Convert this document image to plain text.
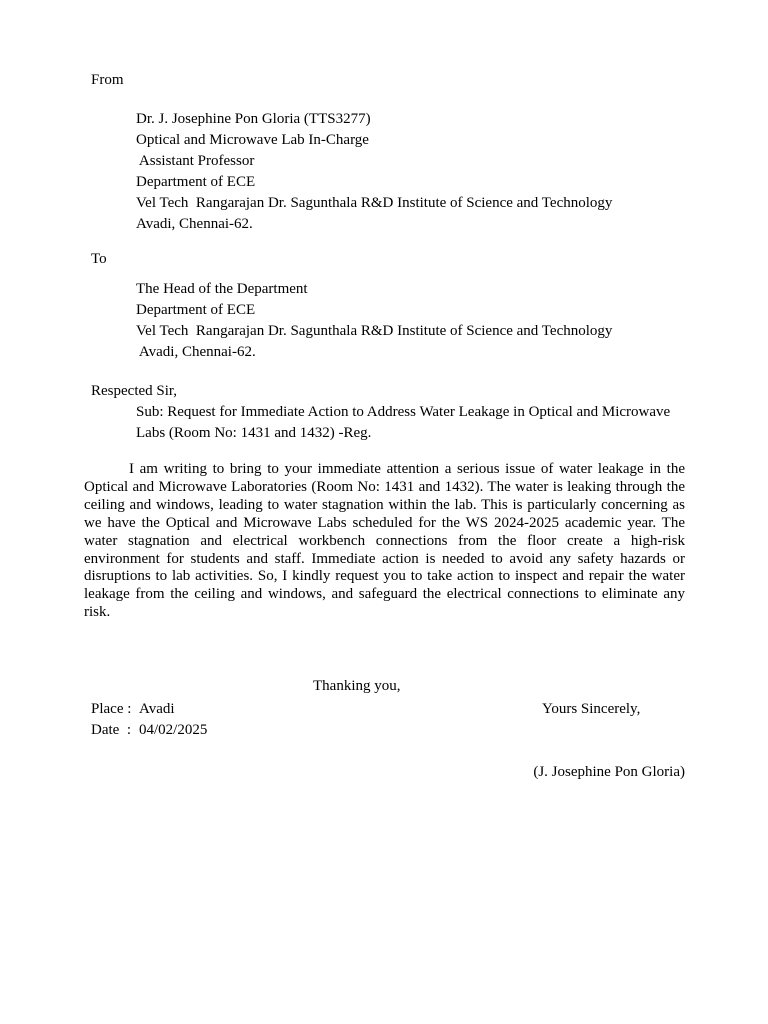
From
Dr. J. Josephine Pon Gloria (TTS3277)
Optical and Microwave Lab In-Charge
Assistant Professor
Department of ECE
Vel Tech  Rangarajan Dr. Sagunthala R&D Institute of Science and Technology
Avadi, Chennai-62.
To
The Head of the Department
Department of ECE
Vel Tech  Rangarajan Dr. Sagunthala R&D Institute of Science and Technology
Avadi, Chennai-62.
Respected Sir,
Sub: Request for Immediate Action to Address Water Leakage in Optical and Microwave
Labs (Room No: 1431 and 1432) -Reg.
I am writing to bring to your immediate attention a serious issue of water leakage in the Optical and Microwave Laboratories (Room No: 1431 and 1432). The water is leaking through the ceiling and windows, leading to water stagnation within the lab. This is particularly concerning as we have the Optical and Microwave Labs scheduled for the WS 2024-2025 academic year. The water stagnation and electrical workbench connections from the floor create a high-risk environment for students and staff. Immediate action is needed to avoid any safety hazards or disruptions to lab activities. So, I kindly request you to take action to inspect and repair the water leakage from the ceiling and windows, and safeguard the electrical connections to eliminate any risk.
Thanking you,
Place : Avadi
Date  : 04/02/2025
Yours Sincerely,
(J. Josephine Pon Gloria)
